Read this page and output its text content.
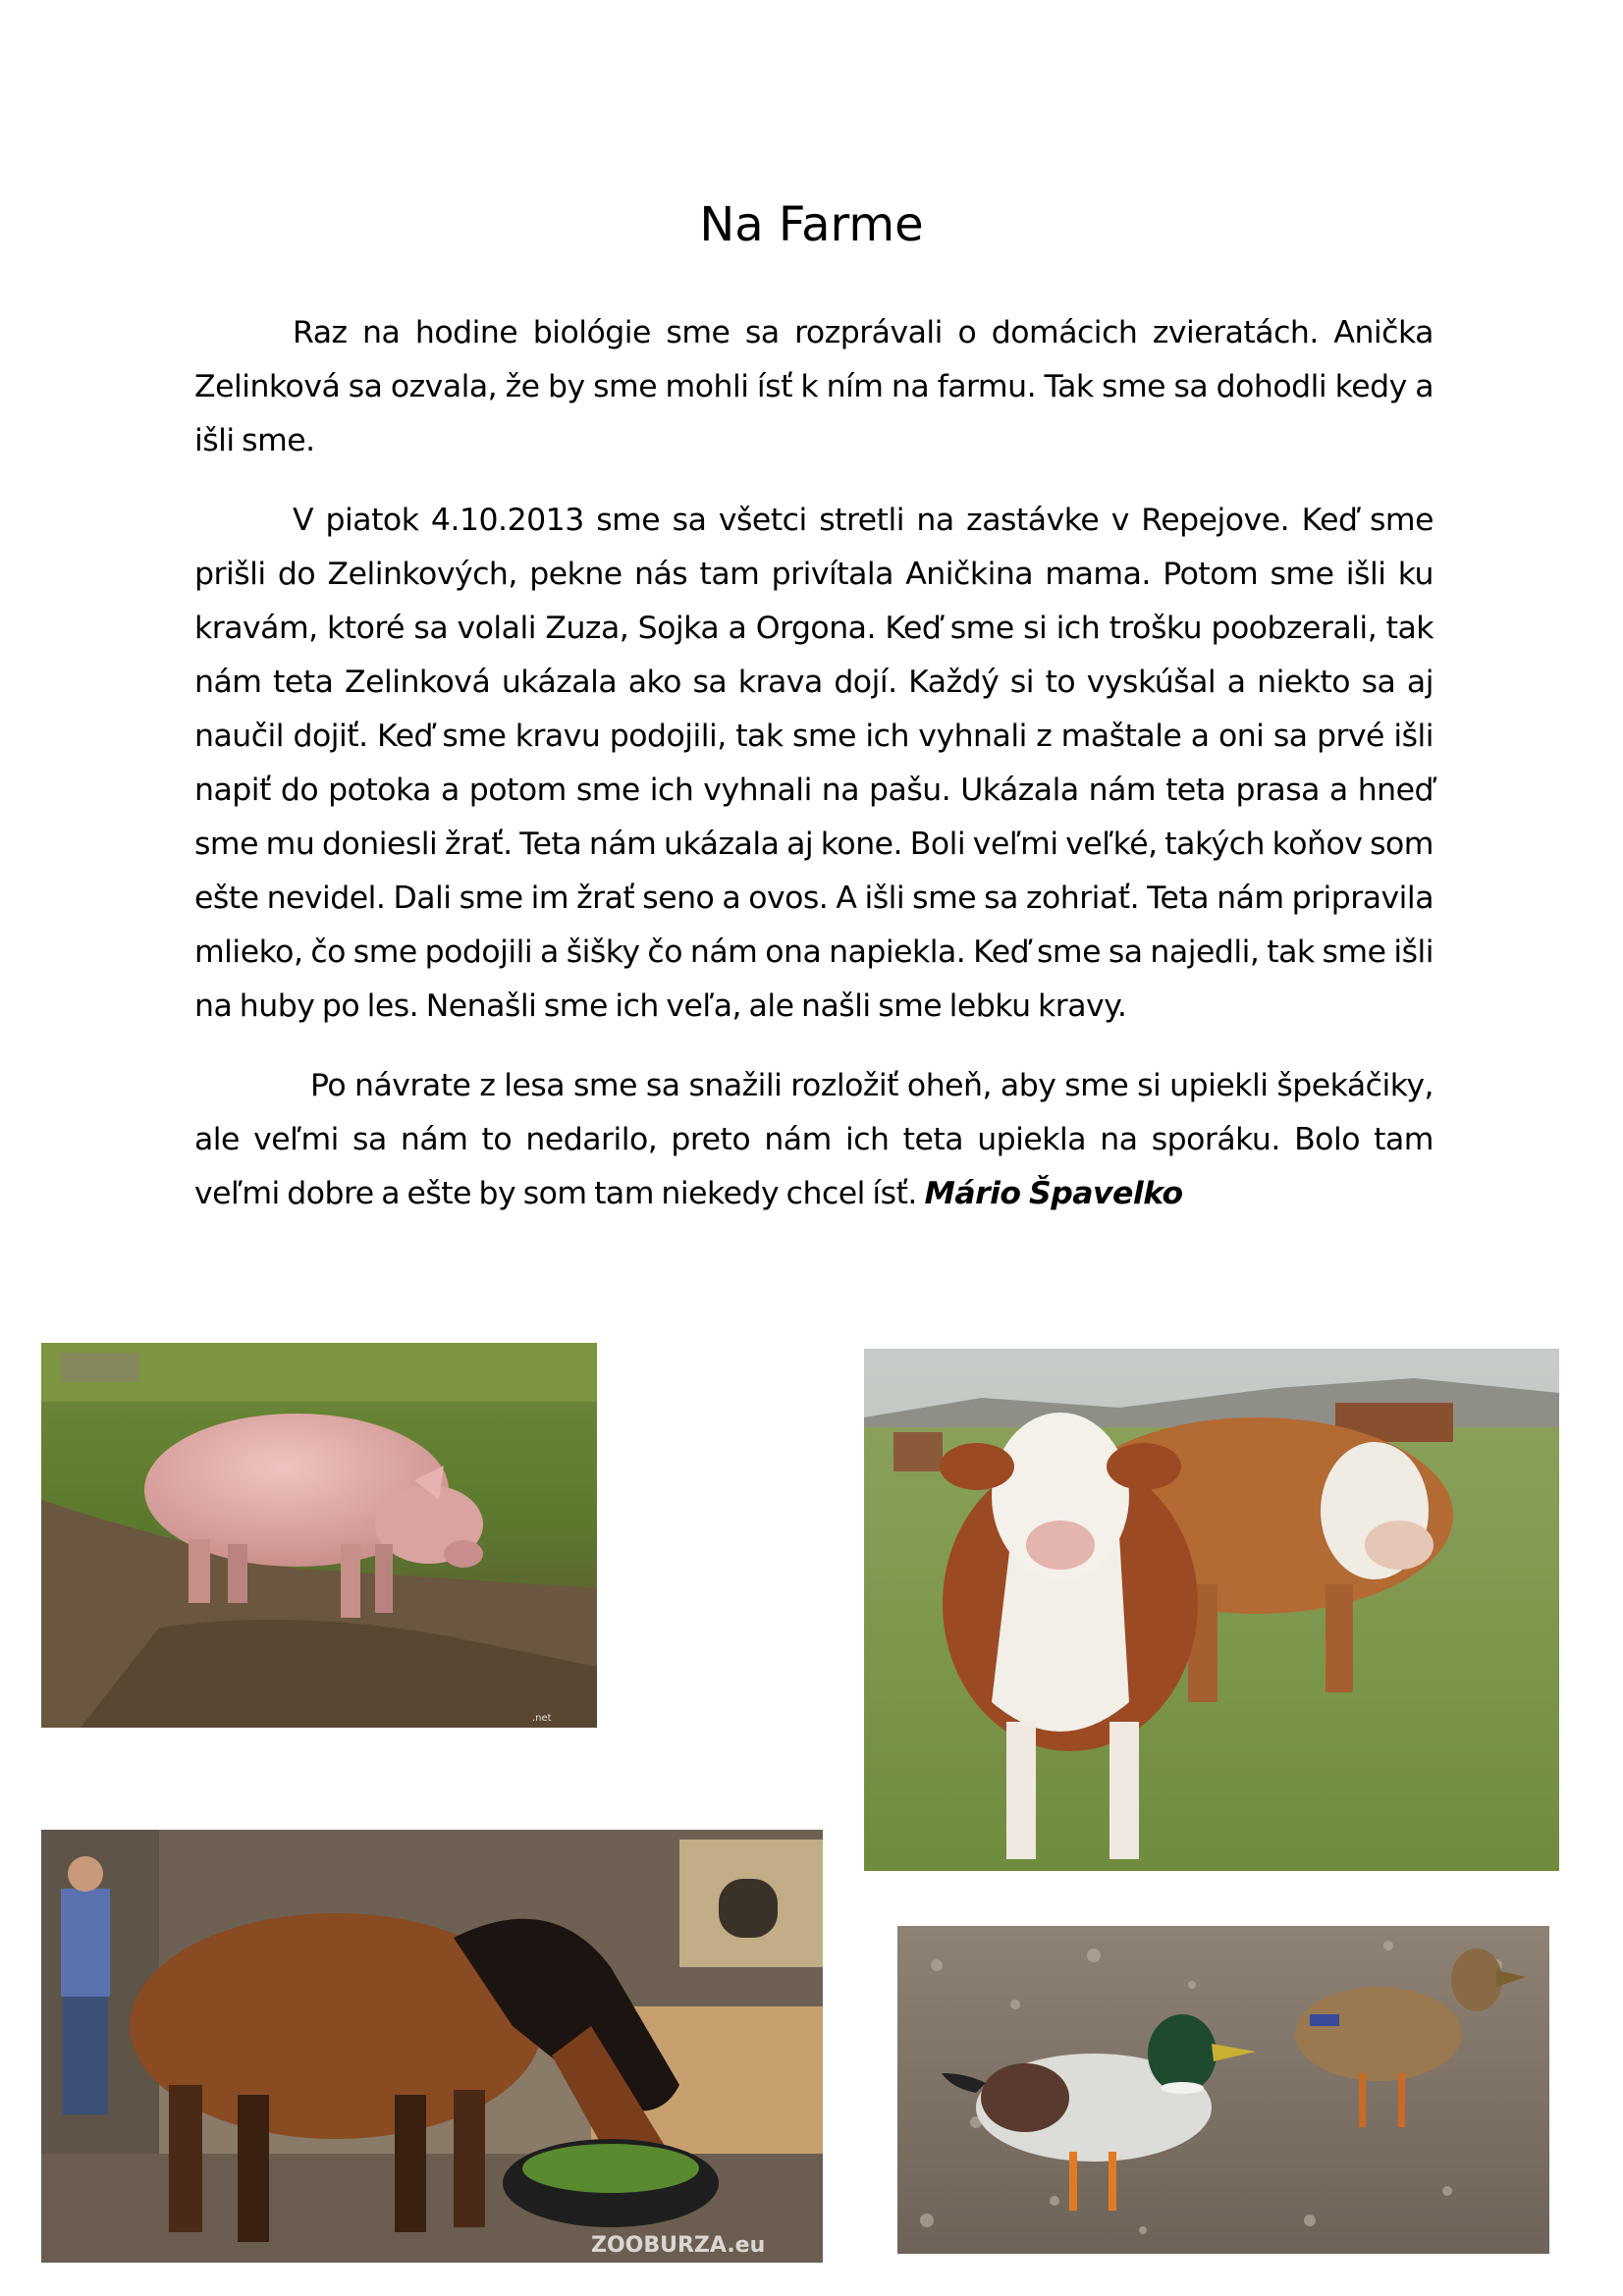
Na Farme

Raz na hodine biológie sme sa rozprávali o domácich zvieratách. Anička Zelinková sa ozvala, že by sme mohli ísť k ním na farmu. Tak sme sa dohodli kedy a išli sme.

V piatok 4.10.2013 sme sa všetci stretli na zastávke v Repejove. Keď sme prišli do Zelinkových, pekne nás tam privítala Aničkina mama. Potom sme išli ku kravám, ktoré sa volali Zuza, Sojka a Orgona. Keď sme si ich trošku poobzerali, tak nám teta Zelinková ukázala ako sa krava dojí. Každý si to vyskúšal a niekto sa aj naučil dojiť. Keď sme kravu podojili, tak sme ich vyhnali z maštale a oni sa prvé išli napiť do potoka a potom sme ich vyhnali na pašu. Ukázala nám teta prasa a hneď sme mu doniesli žrať. Teta nám ukázala aj kone. Boli veľmi veľké, takých koňov som ešte nevidel. Dali sme im žrať seno a ovos. A išli sme sa zohriať. Teta nám pripravila mlieko, čo sme podojili a šišky čo nám ona napiekla. Keď sme sa najedli, tak sme išli na huby po les. Nenašli sme ich veľa, ale našli sme lebku kravy.

Po návrate z lesa sme sa snažili rozložiť oheň, aby sme si upiekli špekáčiky, ale veľmi sa nám to nedarilo, preto nám ich teta upiekla na sporáku. Bolo tam veľmi dobre a ešte by som tam niekedy chcel ísť. Mário Špavelko

.net
ZOOBURZA.eu
